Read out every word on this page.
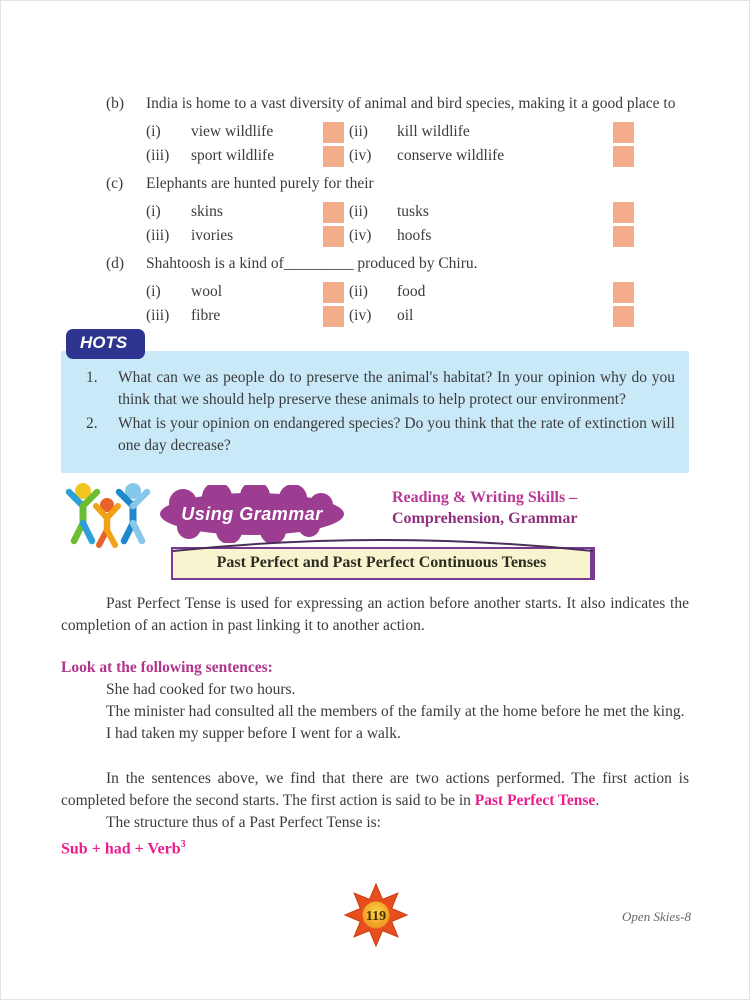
(b)	India is home to a vast diversity of animal and bird species, making it a good place to
(i)	view wildlife	(ii)	kill wildlife
(iii)	sport wildlife	(iv)	conserve wildlife
(c)	Elephants are hunted purely for their
(i)	skins	(ii)	tusks
(iii)	ivories	(iv)	hoofs
(d)	Shahtoosh is a kind of_________ produced by Chiru.
(i)	wool	(ii)	food
(iii)	fibre	(iv)	oil
HOTS
1.	What can we as people do to preserve the animal's habitat? In your opinion why do you think that we should help preserve these animals to help protect our environment?
2.	What is your opinion on endangered species? Do you think that the rate of extinction will one day decrease?
Using Grammar
Reading & Writing Skills –
Comprehension, Grammar
Past Perfect and Past Perfect Continuous Tenses

Past Perfect Tense is used for expressing an action before another starts. It also indicates the completion of an action in past linking it to another action.

Look at the following sentences:

She had cooked for two hours.

The minister had consulted all the members of the family at the home before he met the king.

I had taken my supper before I went for a walk.

In the sentences above, we find that there are two actions performed. The first action is completed before the second starts. The first action is said to be in Past Perfect Tense.

The structure thus of a Past Perfect Tense is:

Sub + had + Verb$^3$

119	Open Skies-8
